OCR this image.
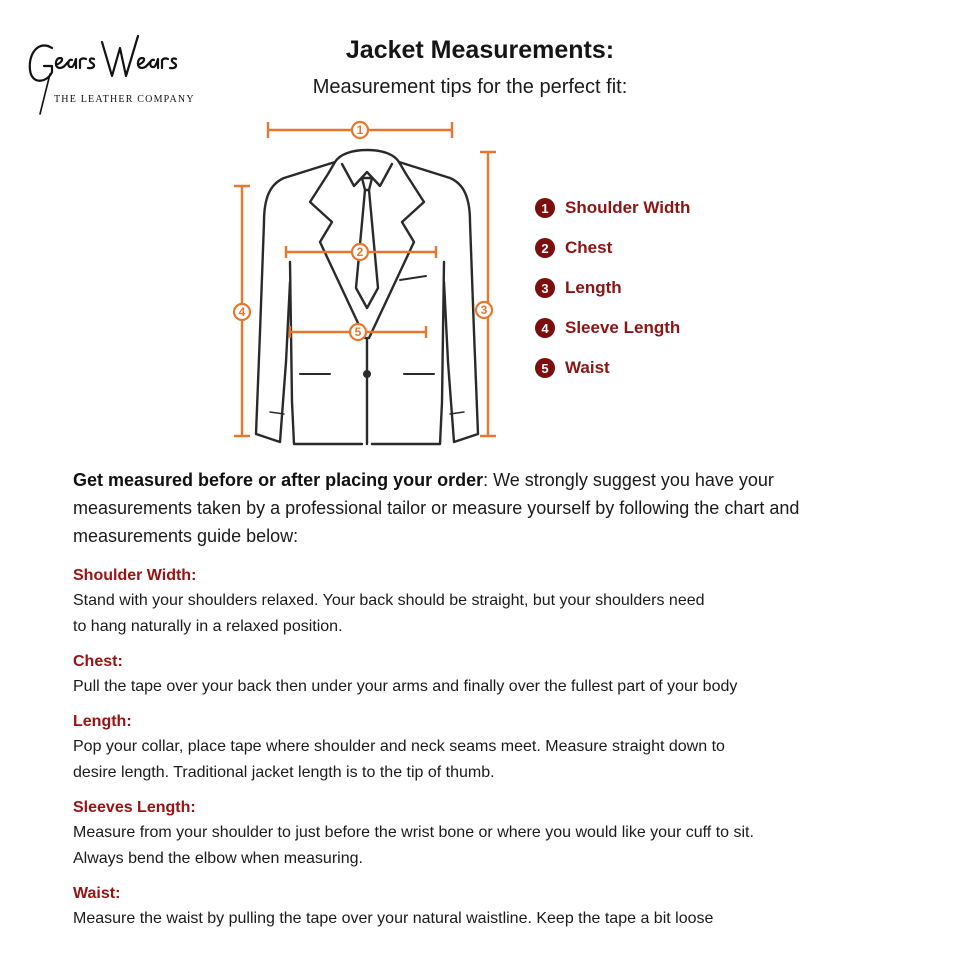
THE LEATHER COMPANY
Jacket Measurements:
Measurement tips for the perfect fit:
1
2
3
4
5
1 Shoulder Width
2 Chest
3 Length
4 Sleeve Length
5 Waist
Get measured before or after placing your order: We strongly suggest you have your measurements taken by a professional tailor or measure yourself by following the chart and measurements guide below:
Shoulder Width:
Stand with your shoulders relaxed. Your back should be straight, but your shoulders need
to hang naturally in a relaxed position.
Chest:
Pull the tape over your back then under your arms and finally over the fullest part of your body
Length:
Pop your collar, place tape where shoulder and neck seams meet. Measure straight down to
desire length. Traditional jacket length is to the tip of thumb.
Sleeves Length:
Measure from your shoulder to just before the wrist bone or where you would like your cuff to sit.
Always bend the elbow when measuring.
Waist:
Measure the waist by pulling the tape over your natural waistline. Keep the tape a bit loose
